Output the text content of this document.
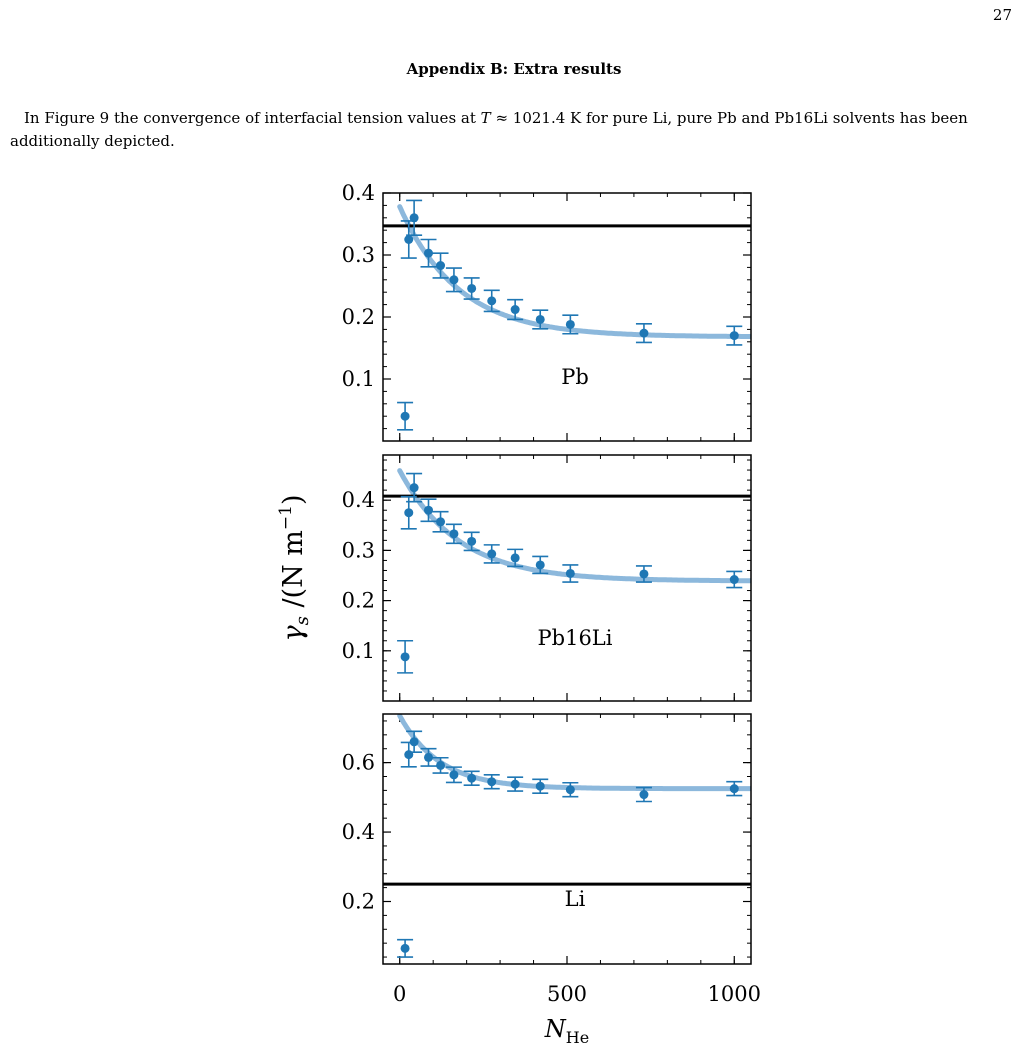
27
Appendix B: Extra results

In Figure 9 the convergence of interfacial tension values at T ≈ 1021.4 K for pure Li, pure Pb and Pb16Li solvents has been additionally depicted.

0.1
0.2
0.3
0.4
Pb
0.1
0.2
0.3
0.4
Pb16Li
0.2
0.4
0.6
0	500	1000
Li
$\gamma_s$ /(N $m^{-1}$)
$N_{He}$
